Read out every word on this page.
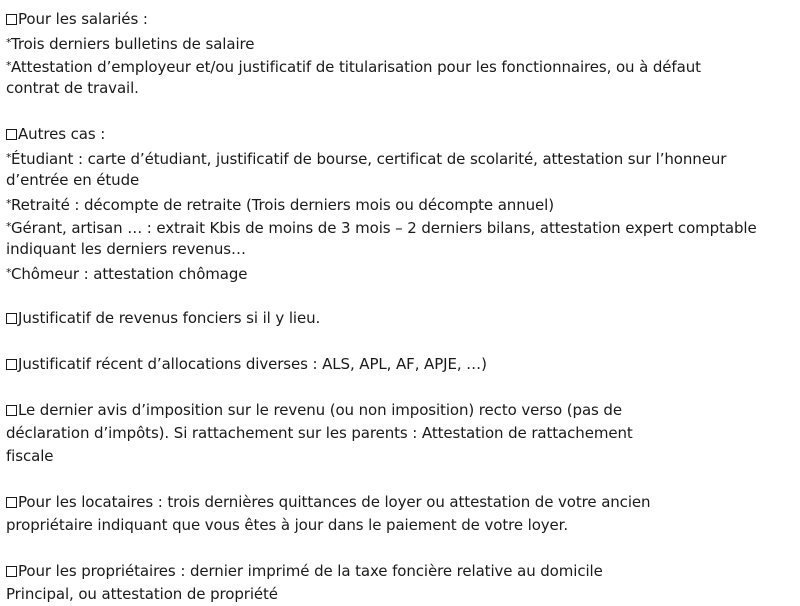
Pour les salariés :
*Trois derniers bulletins de salaire
*Attestation d’employeur et/ou justificatif de titularisation pour les fonctionnaires, ou à défaut
contrat de travail.
Autres cas :
*Étudiant : carte d’étudiant, justificatif de bourse, certificat de scolarité, attestation sur l’honneur
d’entrée en étude
*Retraité : décompte de retraite (Trois derniers mois ou décompte annuel)
*Gérant, artisan … : extrait Kbis de moins de 3 mois – 2 derniers bilans, attestation expert comptable
indiquant les derniers revenus…
*Chômeur : attestation chômage
Justificatif de revenus fonciers si il y lieu.
Justificatif récent d’allocations diverses : ALS, APL, AF, APJE, …)
Le dernier avis d’imposition sur le revenu (ou non imposition) recto verso (pas de
déclaration d’impôts). Si rattachement sur les parents : Attestation de rattachement
fiscale
Pour les locataires : trois dernières quittances de loyer ou attestation de votre ancien
propriétaire indiquant que vous êtes à jour dans le paiement de votre loyer.
Pour les propriétaires : dernier imprimé de la taxe foncière relative au domicile
Principal, ou attestation de propriété
